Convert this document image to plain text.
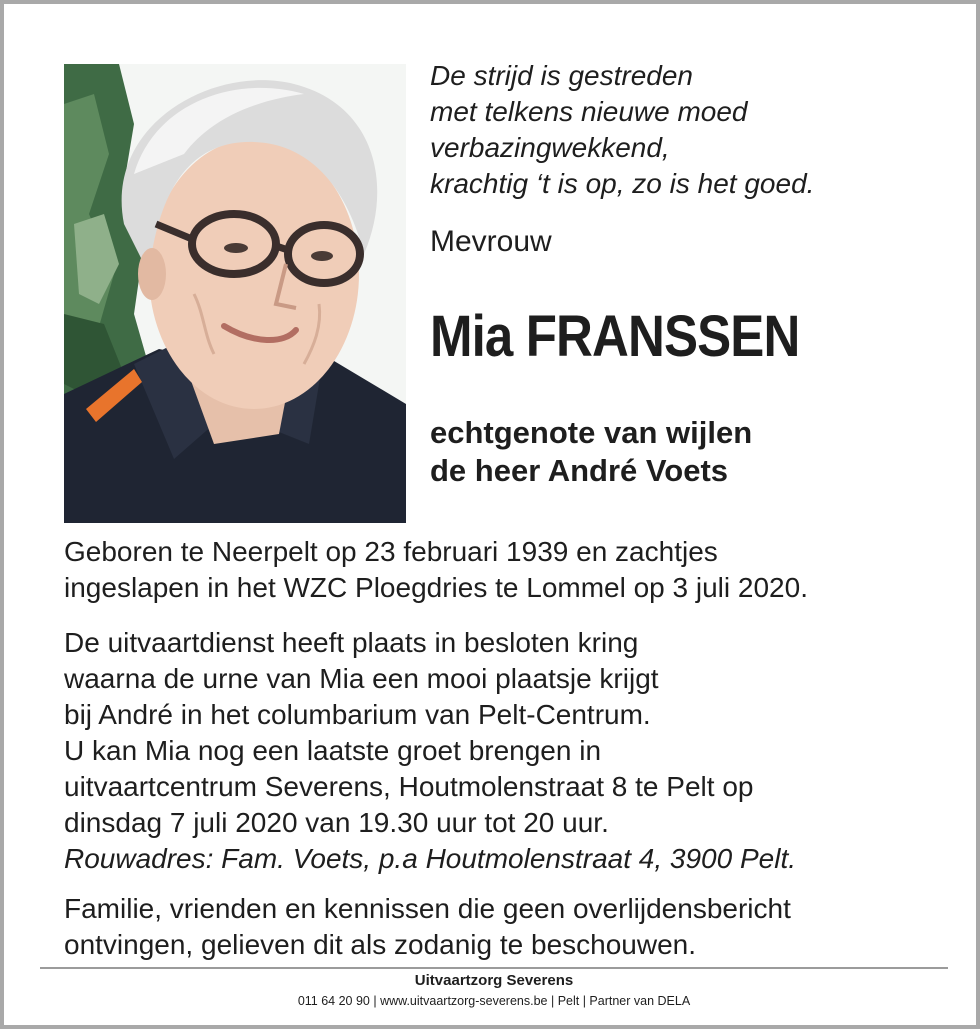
De strijd is gestreden
met telkens nieuwe moed
verbazingwekkend,
krachtig ‘t is op, zo is het goed.
Mevrouw
Mia FRANSSEN
echtgenote van wijlen
de heer André Voets
Geboren te Neerpelt op 23 februari 1939 en zachtjes
ingeslapen in het WZC Ploegdries te Lommel op 3 juli 2020.
De uitvaartdienst heeft plaats in besloten kring
waarna de urne van Mia een mooi plaatsje krijgt
bij André in het columbarium van Pelt-Centrum.
U kan Mia nog een laatste groet brengen in
uitvaartcentrum Severens, Houtmolenstraat 8 te Pelt op
dinsdag 7 juli 2020 van 19.30 uur tot 20 uur.
Rouwadres: Fam. Voets, p.a Houtmolenstraat 4, 3900 Pelt.
Familie, vrienden en kennissen die geen overlijdensbericht
ontvingen, gelieven dit als zodanig te beschouwen.
Uitvaartzorg Severens
011 64 20 90 | www.uitvaartzorg-severens.be | Pelt | Partner van DELA
